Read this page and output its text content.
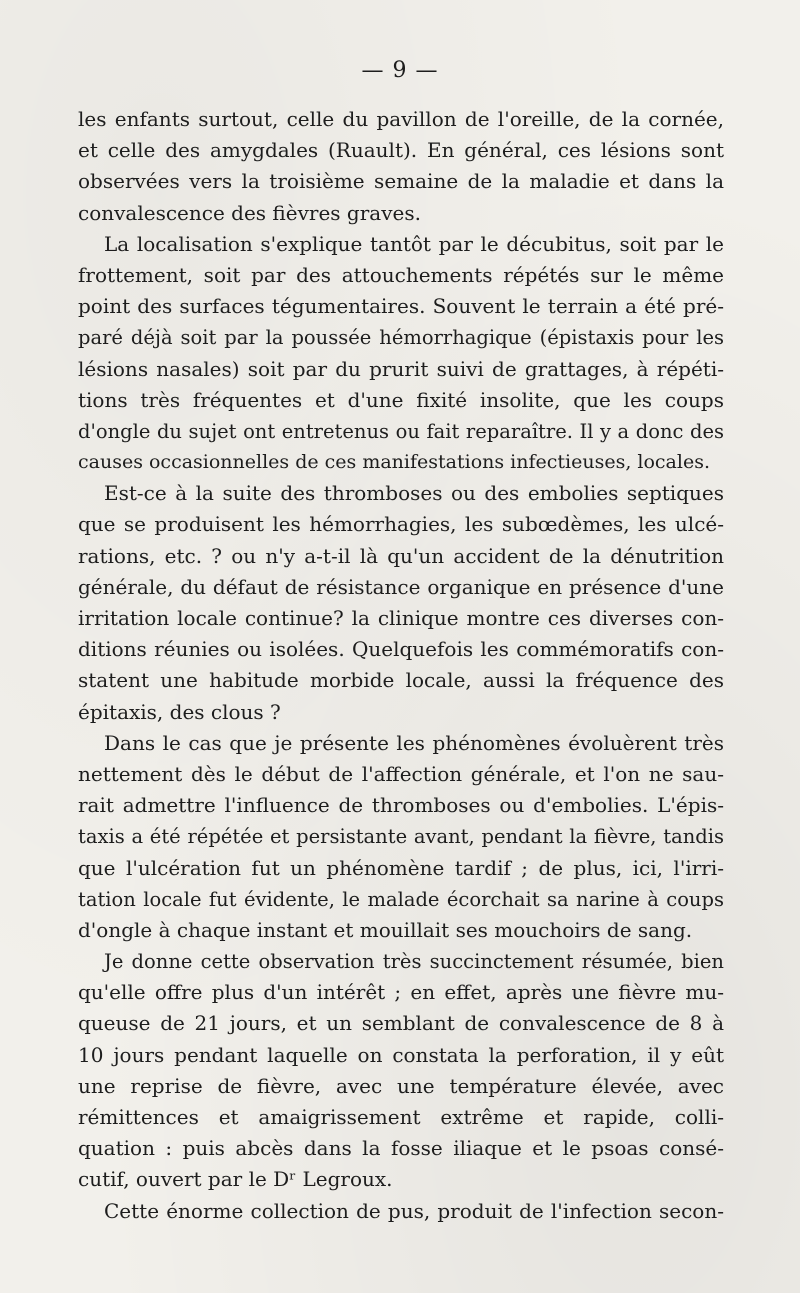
— 9 —
les enfants surtout, celle du pavillon de l'oreille, de la cornée,
et celle des amygdales (Ruault). En général, ces lésions sont
observées vers la troisième semaine de la maladie et dans la
convalescence des fièvres graves.
La localisation s'explique tantôt par le décubitus, soit par le
frottement, soit par des attouchements répétés sur le même
point des surfaces tégumentaires. Souvent le terrain a été pré-
paré déjà soit par la poussée hémorrhagique (épistaxis pour les
lésions nasales) soit par du prurit suivi de grattages, à répéti-
tions très fréquentes et d'une fixité insolite, que les coups
d'ongle du sujet ont entretenus ou fait reparaître. Il y a donc des
causes occasionnelles de ces manifestations infectieuses, locales.
Est-ce à la suite des thromboses ou des embolies septiques
que se produisent les hémorrhagies, les subœdèmes, les ulcé-
rations, etc. ? ou n'y a-t-il là qu'un accident de la dénutrition
générale, du défaut de résistance organique en présence d'une
irritation locale continue? la clinique montre ces diverses con-
ditions réunies ou isolées. Quelquefois les commémoratifs con-
statent une habitude morbide locale, aussi la fréquence des
épitaxis, des clous ?
Dans le cas que je présente les phénomènes évoluèrent très
nettement dès le début de l'affection générale, et l'on ne sau-
rait admettre l'influence de thromboses ou d'embolies. L'épis-
taxis a été répétée et persistante avant, pendant la fièvre, tandis
que l'ulcération fut un phénomène tardif ; de plus, ici, l'irri-
tation locale fut évidente, le malade écorchait sa narine à coups
d'ongle à chaque instant et mouillait ses mouchoirs de sang.
Je donne cette observation très succinctement résumée, bien
qu'elle offre plus d'un intérêt ; en effet, après une fièvre mu-
queuse de 21 jours, et un semblant de convalescence de 8 à
10 jours pendant laquelle on constata la perforation, il y eût
une reprise de fièvre, avec une température élevée, avec
rémittences et amaigrissement extrême et rapide, colli-
quation : puis abcès dans la fosse iliaque et le psoas consé-
cutif, ouvert par le Dʳ Legroux.
Cette énorme collection de pus, produit de l'infection secon-
